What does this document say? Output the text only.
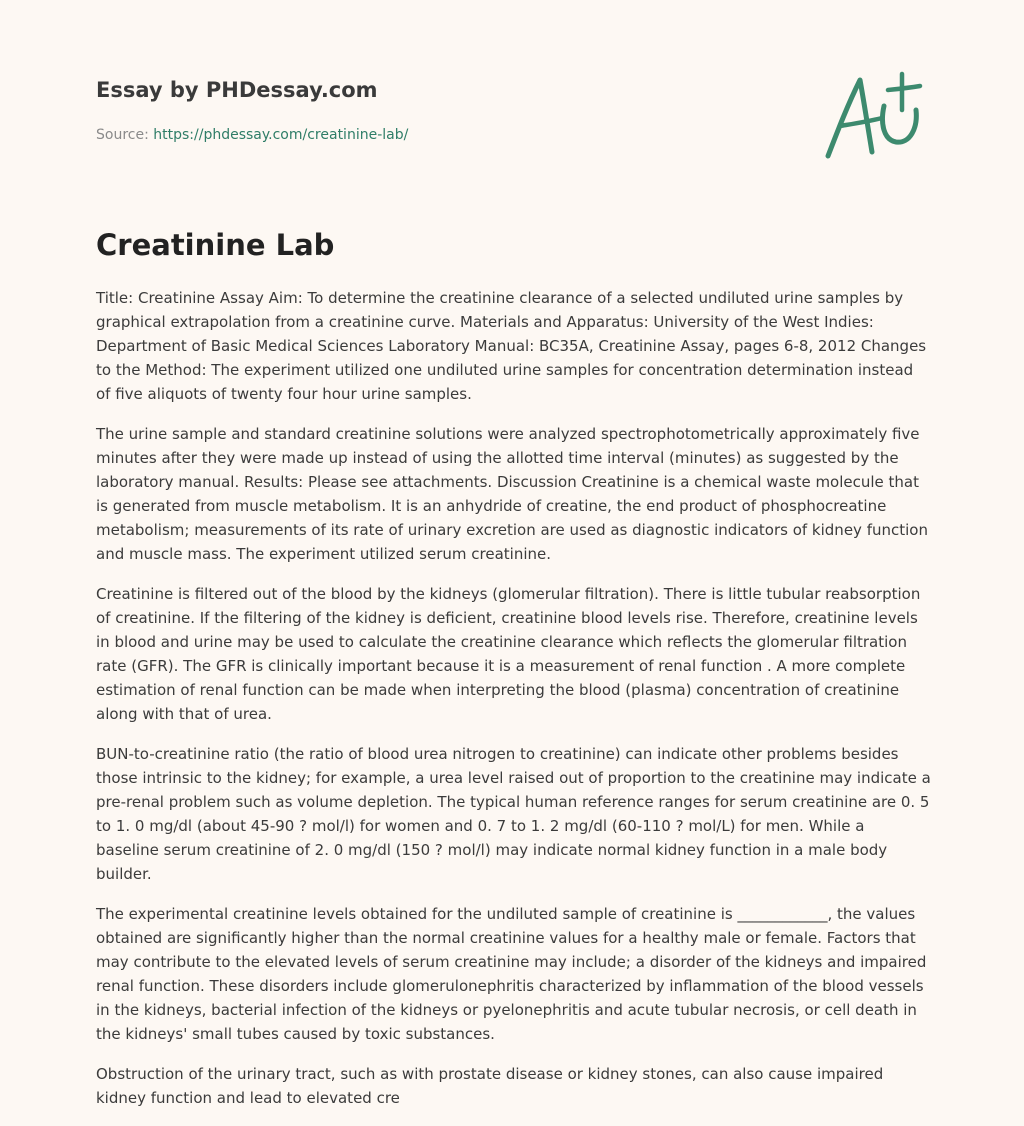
Essay by PHDessay.com

Source: https://phdessay.com/creatinine-lab/
Creatinine Lab

Title: Creatinine Assay Aim: To determine the creatinine clearance of a selected undiluted urine samples by graphical extrapolation from a creatinine curve. Materials and Apparatus: University of the West Indies: Department of Basic Medical Sciences Laboratory Manual: BC35A, Creatinine Assay, pages 6-8, 2012 Changes to the Method: The experiment utilized one undiluted urine samples for concentration determination instead of five aliquots of twenty four hour urine samples.

The urine sample and standard creatinine solutions were analyzed spectrophotometrically approximately five minutes after they were made up instead of using the allotted time interval (minutes) as suggested by the laboratory manual. Results: Please see attachments. Discussion Creatinine is a chemical waste molecule that is generated from muscle metabolism. It is an anhydride of creatine, the end product of phosphocreatine metabolism; measurements of its rate of urinary excretion are used as diagnostic indicators of kidney function and muscle mass. The experiment utilized serum creatinine.

Creatinine is filtered out of the blood by the kidneys (glomerular filtration). There is little tubular reabsorption of creatinine. If the filtering of the kidney is deficient, creatinine blood levels rise. Therefore, creatinine levels in blood and urine may be used to calculate the creatinine clearance which reflects the glomerular filtration rate (GFR). The GFR is clinically important because it is a measurement of renal function . A more complete estimation of renal function can be made when interpreting the blood (plasma) concentration of creatinine along with that of urea.

BUN-to-creatinine ratio (the ratio of blood urea nitrogen to creatinine) can indicate other problems besides those intrinsic to the kidney; for example, a urea level raised out of proportion to the creatinine may indicate a pre-renal problem such as volume depletion. The typical human reference ranges for serum creatinine are 0. 5 to 1. 0 mg/dl (about 45-90 ? mol/l) for women and 0. 7 to 1. 2 mg/dl (60-110 ? mol/L) for men. While a baseline serum creatinine of 2. 0 mg/dl (150 ? mol/l) may indicate normal kidney function in a male body builder.

The experimental creatinine levels obtained for the undiluted sample of creatinine is ____________, the values obtained are significantly higher than the normal creatinine values for a healthy male or female. Factors that may contribute to the elevated levels of serum creatinine may include; a disorder of the kidneys and impaired renal function. These disorders include glomerulonephritis characterized by inflammation of the blood vessels in the kidneys, bacterial infection of the kidneys or pyelonephritis and acute tubular necrosis, or cell death in the kidneys' small tubes caused by toxic substances.

Obstruction of the urinary tract, such as with prostate disease or kidney stones, can also cause impaired kidney function and lead to elevated cre
